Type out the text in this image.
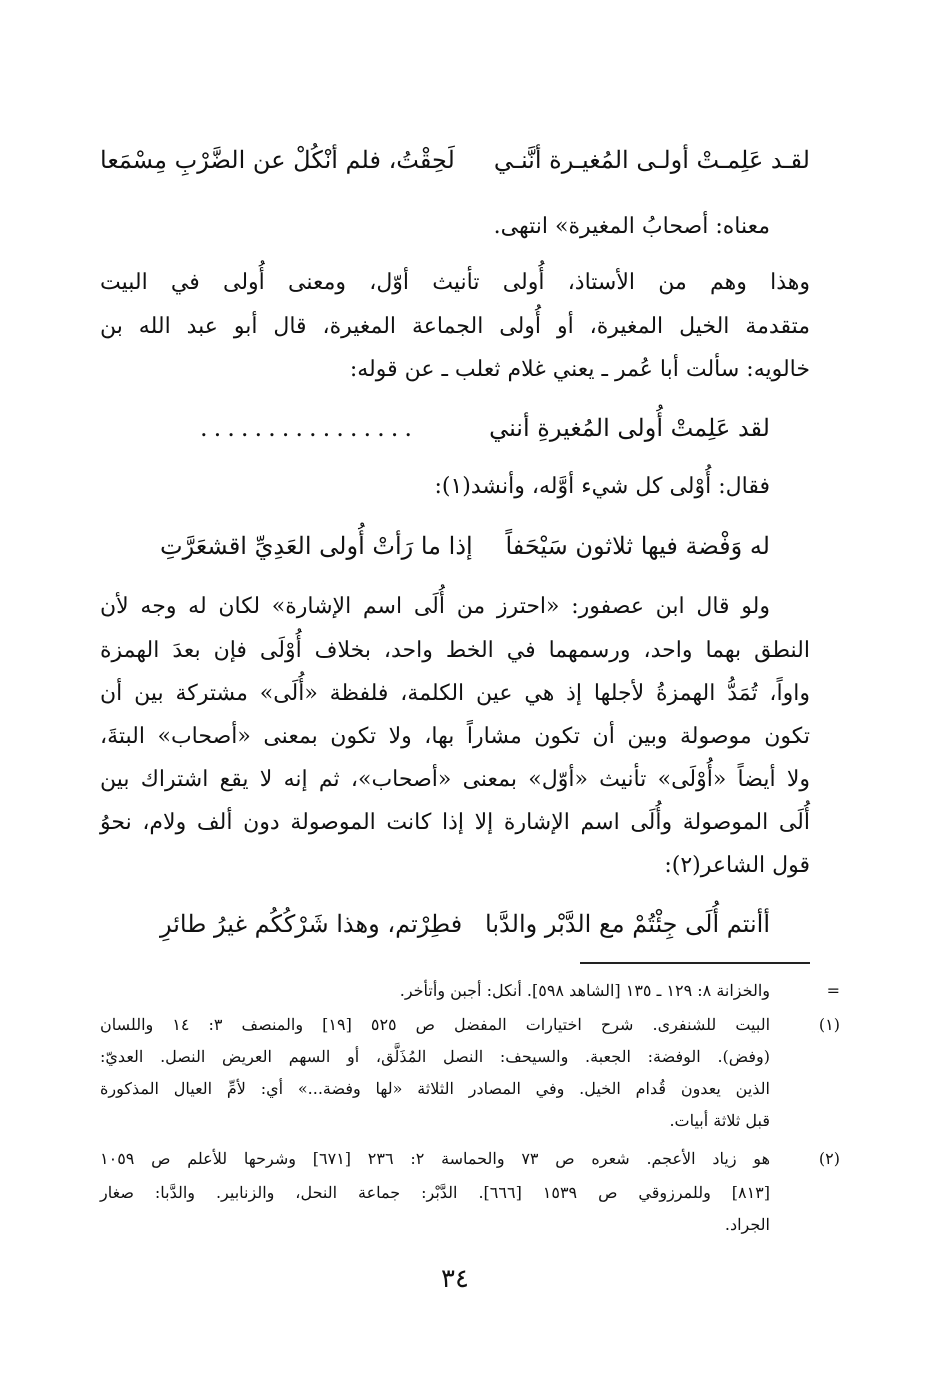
لقـد عَلِمـتْ أولـى المُغيـرة أنَّنـي
لَحِقْتُ، فلم أنْكُلْ عن الضَّرْبِ مِسْمَعا
معناه: أصحابُ المغيرة» انتهى.
وهذا وهم من الأستاذ، أُولى تأنيث أوّل، ومعنى أُولى في البيت
متقدمة الخيل المغيرة، أو أُولى الجماعة المغيرة، قال أبو عبد الله بن
خالويه: سألت أبا عُمر ـ يعني غلام ثعلب ـ عن قوله:
لقد عَلِمتْ أُولى المُغيرةِ أنني
................
فقال: أُوْلى كل شيء أوَّله، وأنشد(١):
له وَفْضة فيها ثلاثون سَيْحَفاً
إذا ما رَأتْ أُولى العَدِيِّ اقشعَرَّتِ
ولو قال ابن عصفور: «احترز من أُلَى اسم الإشارة» لكان له وجه لأن
النطق بهما واحد، ورسمهما في الخط واحد، بخلاف أُوْلَى فإن بعدَ الهمزة
واواً، تُمَدُّ الهمزةُ لأجلها إذ هي عين الكلمة، فلفظة «أُلَى» مشتركة بين أن
تكون موصولة وبين أن تكون مشاراً بها، ولا تكون بمعنى «أصحاب» البتةَ،
ولا أيضاً «أُوْلَى» تأنيث «أوّل» بمعنى «أصحاب»، ثم إنه لا يقع اشتراك بين
أُلَى الموصولة وأُلَى اسم الإشارة إلا إذا كانت الموصولة دون ألف ولام، نحوُ
قول الشاعر(٢):
أأنتم أُلَى جِئْتُمْ مع الدَّبْر والدَّبا
فطِرْتم، وهذا شَرْكُكُم غيرُ طائرِ
=
والخزانة ٨: ١٢٩ ـ ١٣٥ [الشاهد ٥٩٨]. أنكل: أجبن وأتأخر.
(١)
البيت للشنفرى. شرح اختيارات المفضل ص ٥٢٥ [١٩] والمنصف ٣: ١٤ واللسان
(وفض). الوفضة: الجعبة. والسيحف: النصل المُذَلَّق، أو السهم العريض النصل. العديّ:
الذين يعدون قُدام الخيل. وفي المصادر الثلاثة «لها وفضة...» أي: لأمِّ العيال المذكورة
قبل ثلاثة أبيات.
(٢)
هو زياد الأعجم. شعره ص ٧٣ والحماسة ٢: ٢٣٦ [٦٧١] وشرحها للأعلم ص ١٠٥٩
[٨١٣] وللمرزوقي ص ١٥٣٩ [٦٦٦]. الدَّبْر: جماعة النحل، والزنابير. والدَّبا: صغار
الجراد.
٣٤
